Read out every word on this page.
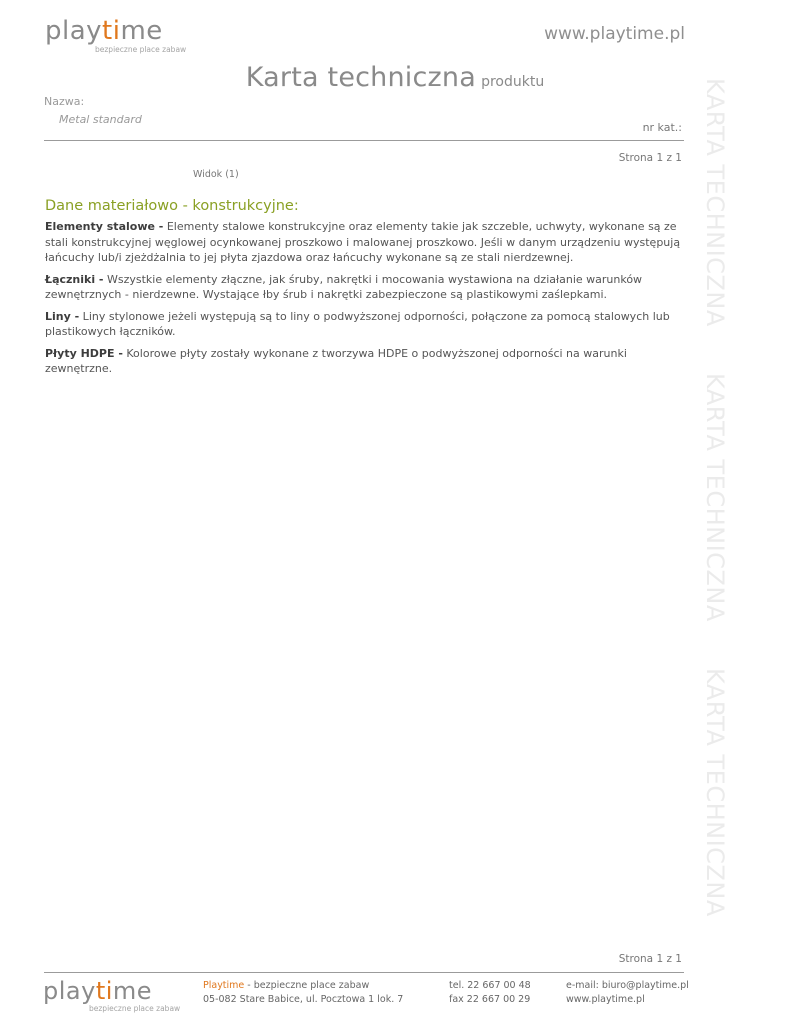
KARTA TECHNICZNA KARTA TECHNICZNA KARTA TECHNICZNA
playtime
bezpieczne place zabaw
www.playtime.pl
Karta techniczna produktu
Nazwa:
Metal standard
nr kat.:
Strona 1 z 1
Widok (1)
Dane materiałowo - konstrukcyjne:

Elementy stalowe - Elementy stalowe konstrukcyjne oraz elementy takie jak szczeble, uchwyty, wykonane są ze stali konstrukcyjnej węglowej ocynkowanej proszkowo i malowanej proszkowo. Jeśli w danym urządzeniu występują łańcuchy lub/i zjeżdżalnia to jej płyta zjazdowa oraz łańcuchy wykonane są ze stali nierdzewnej.

Łączniki - Wszystkie elementy złączne, jak śruby, nakrętki i mocowania wystawiona na działanie warunków zewnętrznych - nierdzewne. Wystające łby śrub i nakrętki zabezpieczone są plastikowymi zaślepkami.

Liny - Liny stylonowe jeżeli występują są to liny o podwyższonej odporności, połączone za pomocą stalowych lub plastikowych łączników.

Płyty HDPE - Kolorowe płyty zostały wykonane z tworzywa HDPE o podwyższonej odporności na warunki zewnętrzne.

Strona 1 z 1
playtime
bezpieczne place zabaw
Playtime - bezpieczne place zabaw
05-082 Stare Babice, ul. Pocztowa 1 lok. 7
tel. 22 667 00 48
fax 22 667 00 29
e-mail: biuro@playtime.pl
www.playtime.pl
